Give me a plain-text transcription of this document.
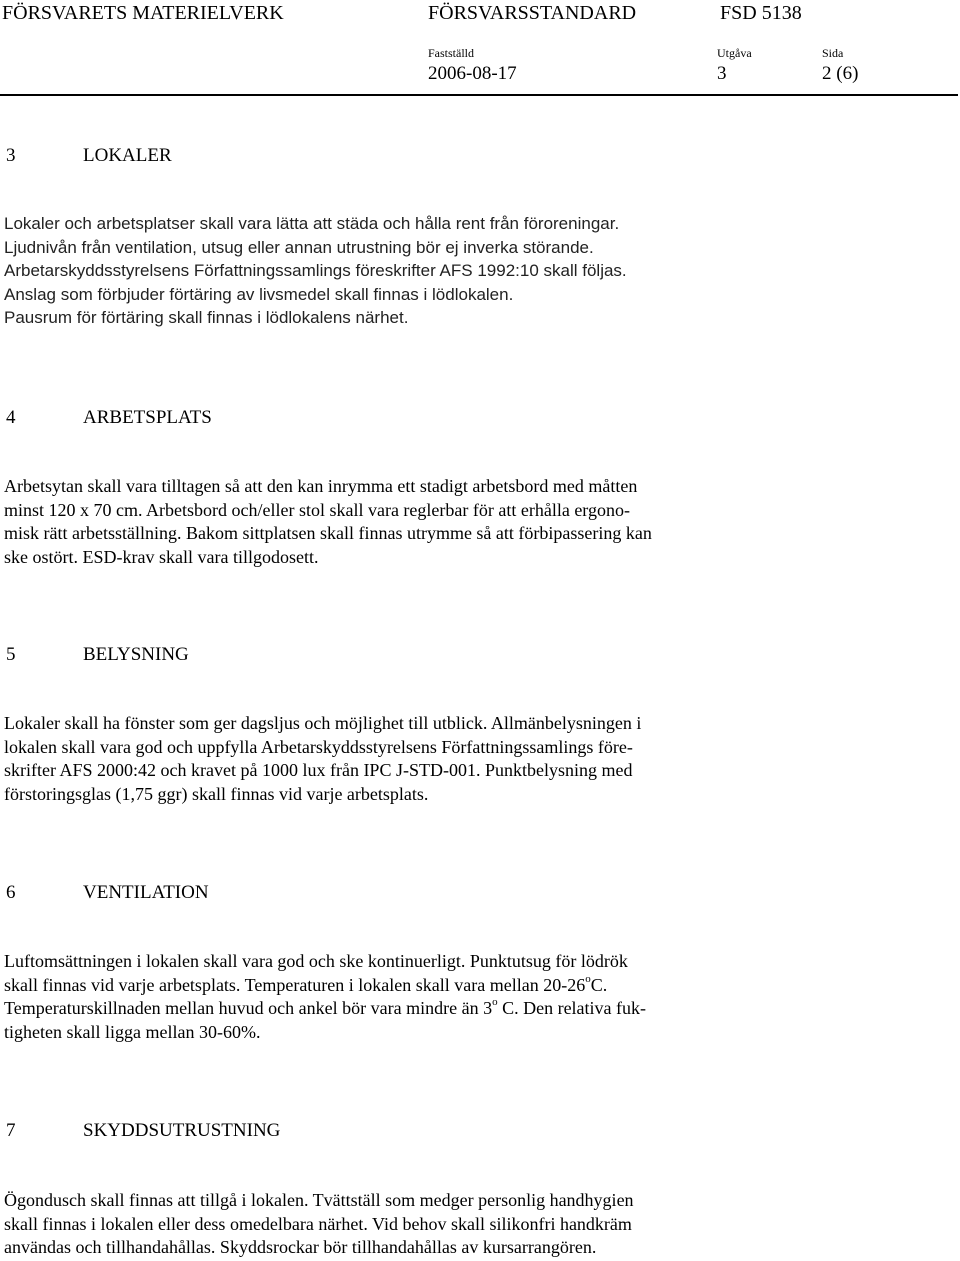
FÖRSVARETS MATERIELVERK	FÖRSVARSSTANDARD	FSD 5138
Fastställd	Utgåva	Sida
2006-08-17	3	2 (6)
3	LOKALER
Lokaler och arbetsplatser skall vara lätta att städa och hålla rent från föroreningar.
Ljudnivån från ventilation, utsug eller annan utrustning bör ej inverka störande.
Arbetarskyddsstyrelsens Författningssamlings föreskrifter AFS 1992:10 skall följas.
Anslag som förbjuder förtäring av livsmedel skall finnas i lödlokalen.
Pausrum för förtäring skall finnas i lödlokalens närhet.
4	ARBETSPLATS
Arbetsytan skall vara tilltagen så att den kan inrymma ett stadigt arbetsbord med måtten
minst 120 x 70 cm. Arbetsbord och/eller stol skall vara reglerbar för att erhålla ergono-
misk rätt arbetsställning. Bakom sittplatsen skall finnas utrymme så att förbipassering kan
ske ostört. ESD-krav skall vara tillgodosett.
5	BELYSNING
Lokaler skall ha fönster som ger dagsljus och möjlighet till utblick. Allmänbelysningen i
lokalen skall vara god och uppfylla Arbetarskyddsstyrelsens Författningssamlings före-
skrifter AFS 2000:42 och kravet på 1000 lux från IPC J-STD-001. Punktbelysning med
förstoringsglas (1,75 ggr) skall finnas vid varje arbetsplats.
6	VENTILATION
Luftomsättningen i lokalen skall vara god och ske kontinuerligt. Punktutsug för lödrök
skall finnas vid varje arbetsplats. Temperaturen i lokalen skall vara mellan 20-26$^o$C.
Temperaturskillnaden mellan huvud och ankel bör vara mindre än 3$^o$ C. Den relativa fuk-
tigheten skall ligga mellan 30-60%.
7	SKYDDSUTRUSTNING
Ögondusch skall finnas att tillgå i lokalen. Tvättställ som medger personlig handhygien
skall finnas i lokalen eller dess omedelbara närhet. Vid behov skall silikonfri handkräm
användas och tillhandahållas. Skyddsrockar bör tillhandahållas av kursarrangören.
